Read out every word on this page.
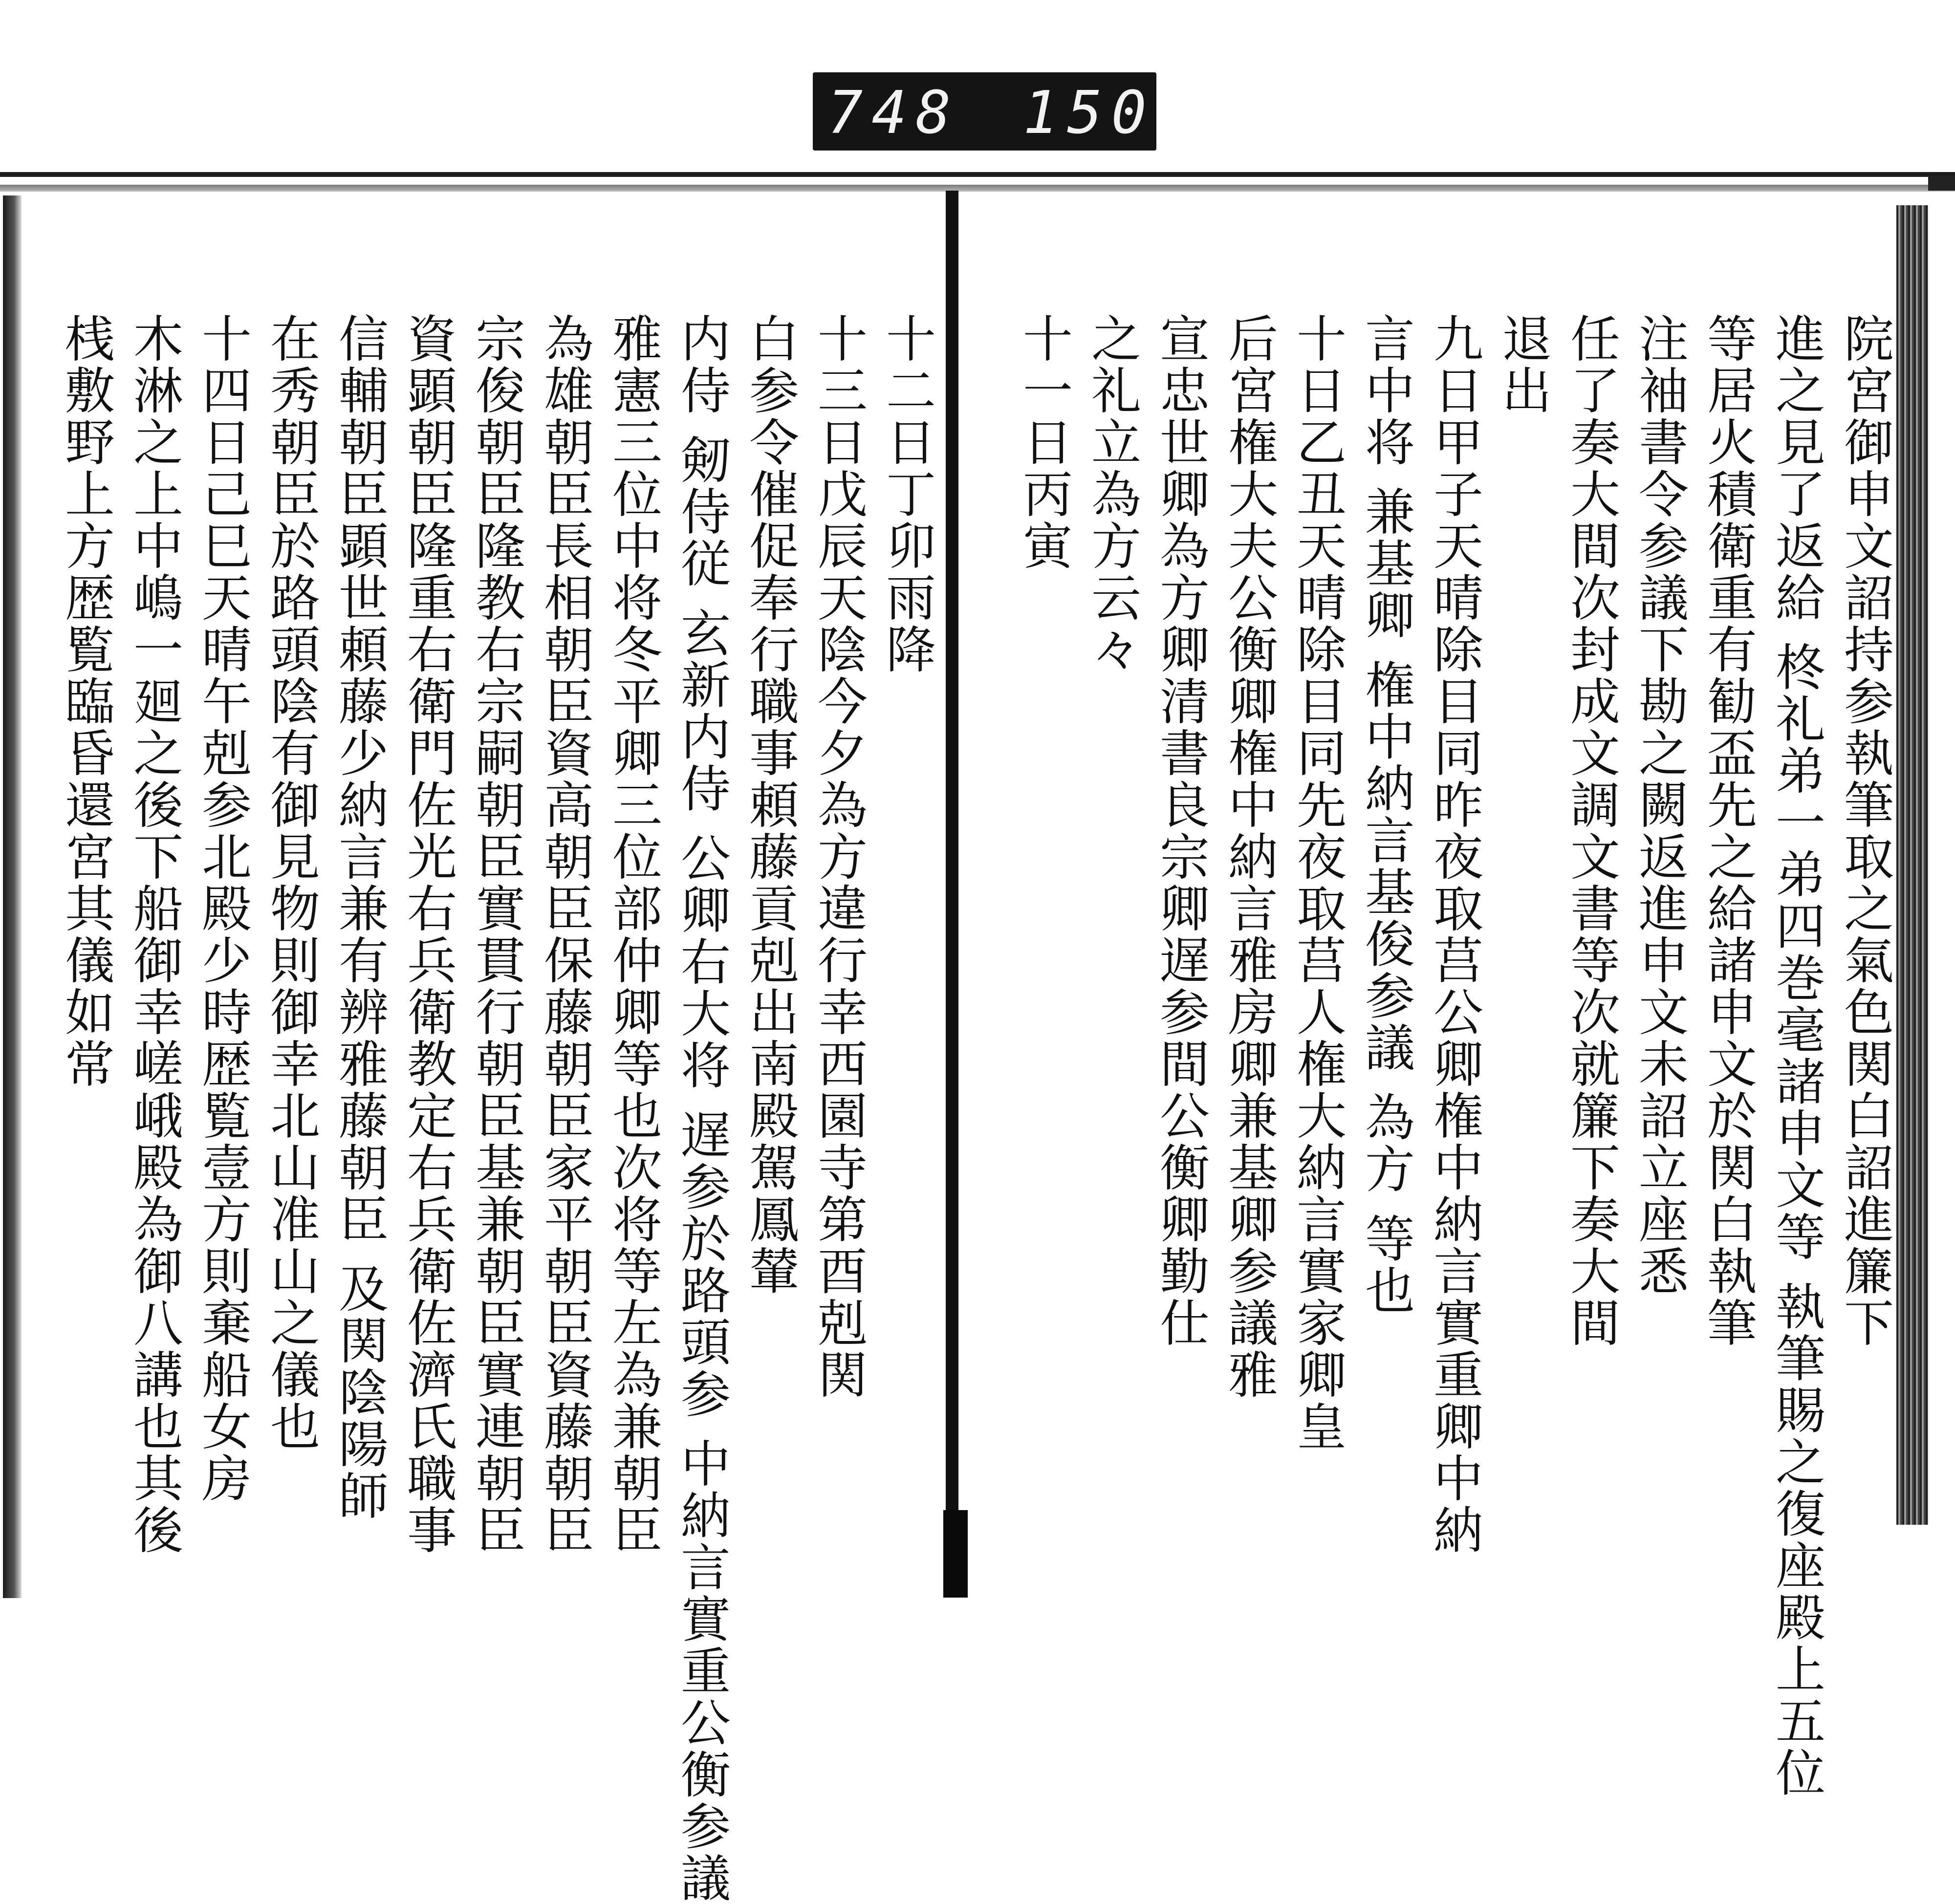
748 150
院宮御申文詔持参執筆取之氣色関白詔進簾下
進之見了返給 柊礼弟一弟四巻毫諸申文等 執筆賜之復座殿上五位
等居火積衛重有勧盃先之給諸申文於関白執筆
注袖書令参議下勘之闕返進申文未詔立座悉
任了奏大間次封成文調文書等次就簾下奏大間
退出
九日甲子天晴除目同昨夜取莒公卿権中納言實重卿中納
言中将 兼基卿 権中納言基俊参議 為方 等也
十日乙丑天晴除目同先夜取莒人権大納言實家卿皇
后宮権大夫公衡卿権中納言雅房卿兼基卿参議雅
宣忠世卿為方卿清書良宗卿遅参間公衡卿勤仕
之礼立為方云々
十一日丙寅
十二日丁卯雨降
十三日戊辰天陰今夕為方違行幸西園寺第酉剋関
白参令催促奉行職事頼藤貢剋出南殿駕鳳輦
内侍 剱侍従 玄新内侍 公卿右大将 遅参於路頭参 中納言實重公衡参議
雅憲三位中将冬平卿三位部仲卿等也次将等左為兼朝臣
為雄朝臣長相朝臣資高朝臣保藤朝臣家平朝臣資藤朝臣
宗俊朝臣隆教右宗嗣朝臣實貫行朝臣基兼朝臣實連朝臣
資顕朝臣隆重右衛門佐光右兵衛教定右兵衛佐濟氏職事
信輔朝臣顕世頼藤少納言兼有辨雅藤朝臣 及関陰陽師
在秀朝臣於路頭陰有御見物則御幸北山准山之儀也
十四日己巳天晴午剋参北殿少時歴覧壹方則棄船女房
木淋之上中嶋一廻之後下船御幸嵯峨殿為御八講也其後
桟敷野上方歴覧臨昏還宮其儀如常
